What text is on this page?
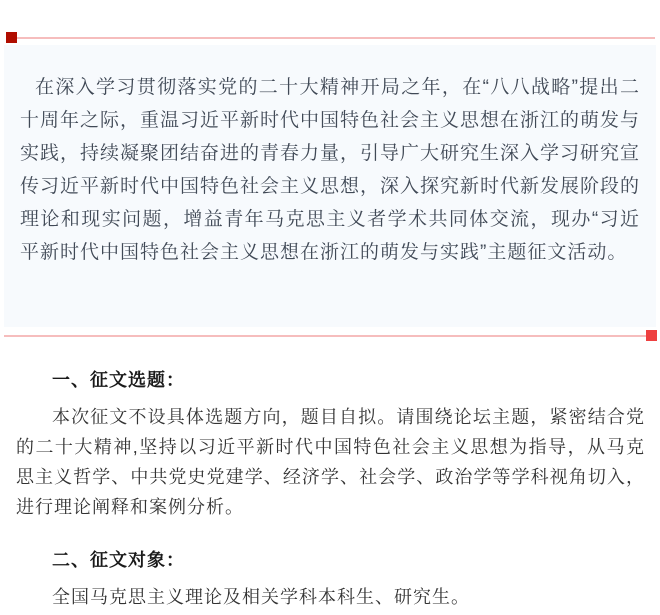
在深入学习贯彻落实党的二十大精神开局之年，在“八八战略”提出二十周年之际，重温习近平新时代中国特色社会主义思想在浙江的萌发与实践，持续凝聚团结奋进的青春力量，引导广大研究生深入学习研究宣传习近平新时代中国特色社会主义思想，深入探究新时代新发展阶段的理论和现实问题，增益青年马克思主义者学术共同体交流，现办“习近平新时代中国特色社会主义思想在浙江的萌发与实践”主题征文活动。

一、征文选题：

本次征文不设具体选题方向，题目自拟。请围绕论坛主题，紧密结合党的二十大精神,坚持以习近平新时代中国特色社会主义思想为指导，从马克思主义哲学、中共党史党建学、经济学、社会学、政治学等学科视角切入，进行理论阐释和案例分析。

二、征文对象：

全国马克思主义理论及相关学科本科生、研究生。
